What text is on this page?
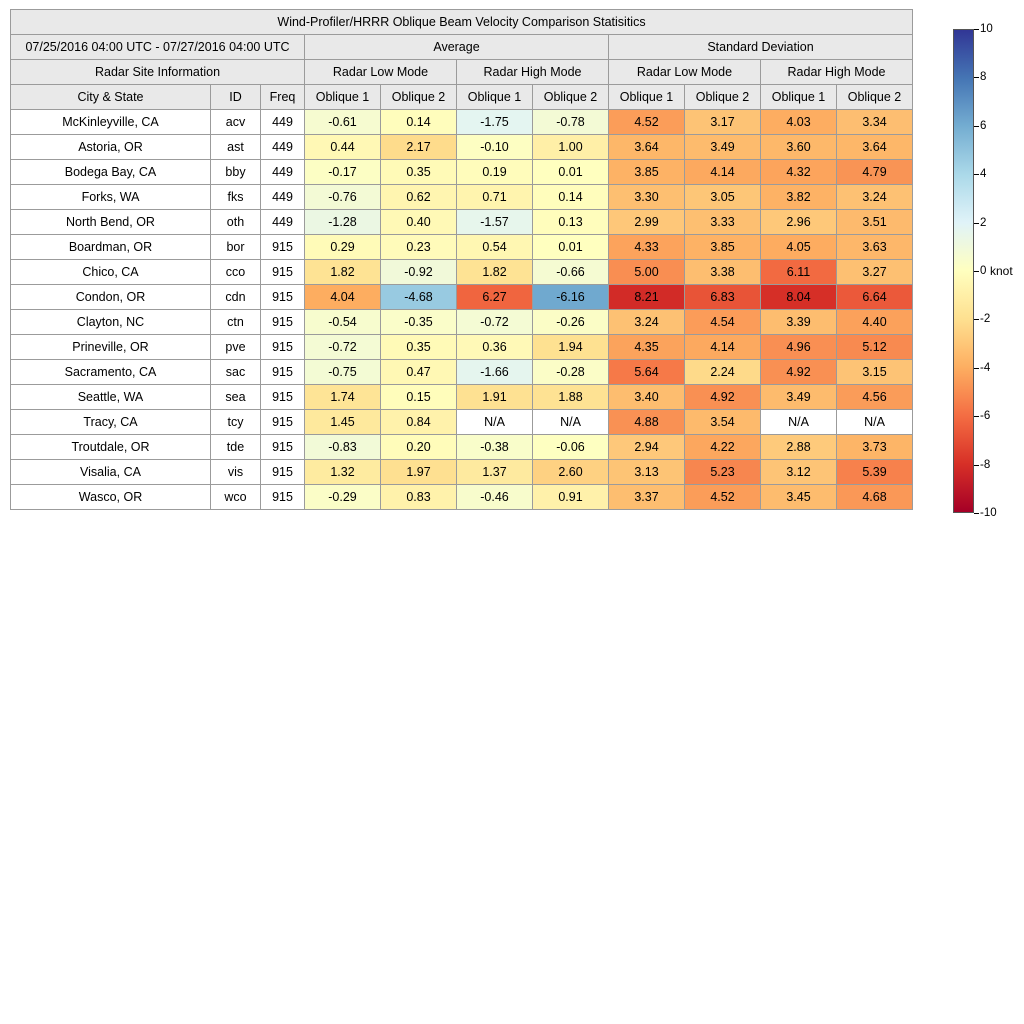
Wind-Profiler/HRRR Oblique Beam Velocity Comparison Statisitics										
07/25/2016 04:00 UTC - 07/27/2016 04:00 UTC			Average				Standard Deviation			
Radar Site Information			Radar Low Mode		Radar High Mode		Radar Low Mode		Radar High Mode	
City & State	ID	Freq	Oblique 1	Oblique 2	Oblique 1	Oblique 2	Oblique 1	Oblique 2	Oblique 1	Oblique 2
McKinleyville, CA	acv	449	-0.61	0.14	-1.75	-0.78	4.52	3.17	4.03	3.34
Astoria, OR	ast	449	0.44	2.17	-0.10	1.00	3.64	3.49	3.60	3.64
Bodega Bay, CA	bby	449	-0.17	0.35	0.19	0.01	3.85	4.14	4.32	4.79
Forks, WA	fks	449	-0.76	0.62	0.71	0.14	3.30	3.05	3.82	3.24
North Bend, OR	oth	449	-1.28	0.40	-1.57	0.13	2.99	3.33	2.96	3.51
Boardman, OR	bor	915	0.29	0.23	0.54	0.01	4.33	3.85	4.05	3.63
Chico, CA	cco	915	1.82	-0.92	1.82	-0.66	5.00	3.38	6.11	3.27
Condon, OR	cdn	915	4.04	-4.68	6.27	-6.16	8.21	6.83	8.04	6.64
Clayton, NC	ctn	915	-0.54	-0.35	-0.72	-0.26	3.24	4.54	3.39	4.40
Prineville, OR	pve	915	-0.72	0.35	0.36	1.94	4.35	4.14	4.96	5.12
Sacramento, CA	sac	915	-0.75	0.47	-1.66	-0.28	5.64	2.24	4.92	3.15
Seattle, WA	sea	915	1.74	0.15	1.91	1.88	3.40	4.92	3.49	4.56
Tracy, CA	tcy	915	1.45	0.84	N/A	N/A	4.88	3.54	N/A	N/A
Troutdale, OR	tde	915	-0.83	0.20	-0.38	-0.06	2.94	4.22	2.88	3.73
Visalia, CA	vis	915	1.32	1.97	1.37	2.60	3.13	5.23	3.12	5.39
Wasco, OR	wco	915	-0.29	0.83	-0.46	0.91	3.37	4.52	3.45	4.68
10
8
6
4
2
0
-2
-4
-6
-8
-10
knot
